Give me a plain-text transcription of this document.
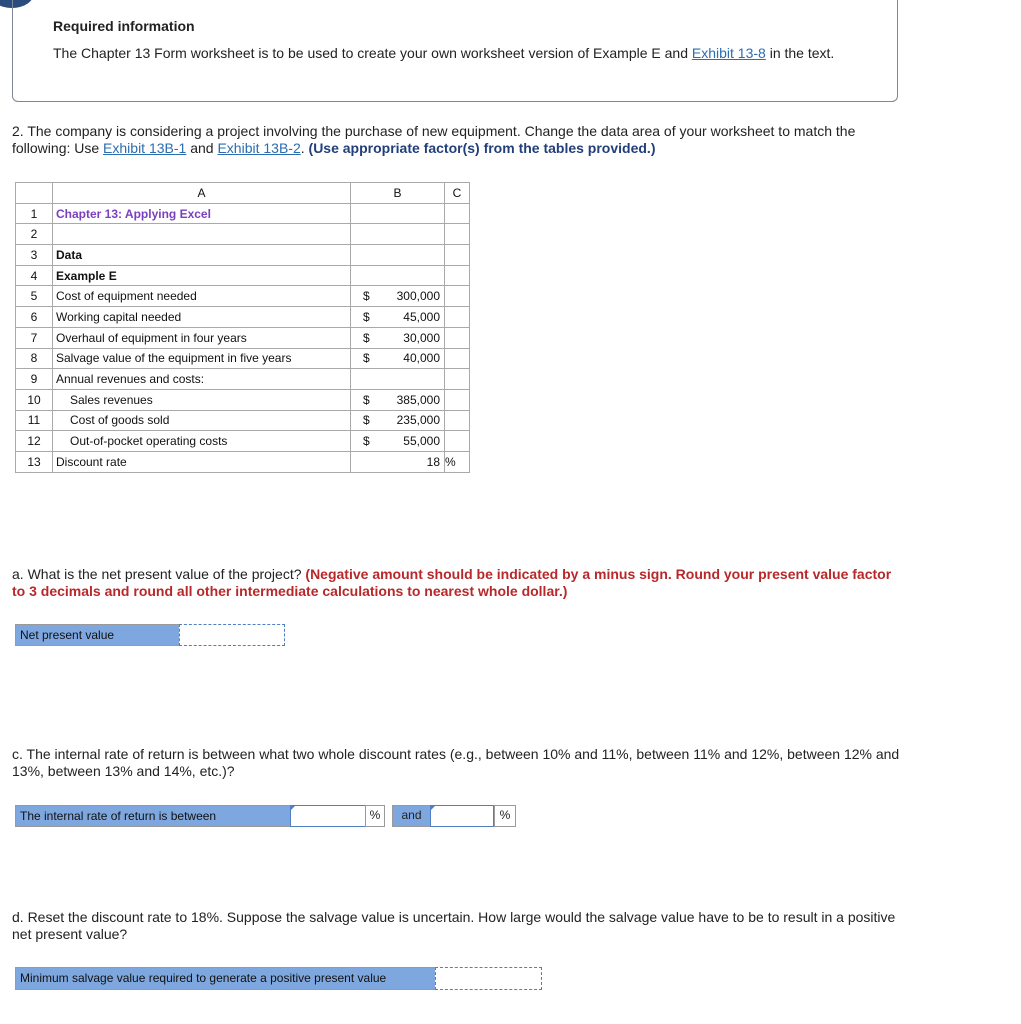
Required information
The Chapter 13 Form worksheet is to be used to create your own worksheet version of Example E and Exhibit 13-8 in the text.
2. The company is considering a project involving the purchase of new equipment. Change the data area of your worksheet to match the following: Use Exhibit 13B-1 and Exhibit 13B-2. (Use appropriate factor(s) from the tables provided.)
	A	B	C
1	Chapter 13: Applying Excel	

2		

3	Data	

4	Example E	

5	Cost of equipment needed	$ 300,000	

6	Working capital needed	$ 45,000	

7	Overhaul of equipment in four years	$ 30,000	

8	Salvage value of the equipment in five years	$ 40,000	

9	Annual revenues and costs:	

10	Sales revenues	$ 385,000	

11	Cost of goods sold	$ 235,000	

12	Out-of-pocket operating costs	$ 55,000	

13	Discount rate	18	%
a. What is the net present value of the project? (Negative amount should be indicated by a minus sign. Round your present value factor to 3 decimals and round all other intermediate calculations to nearest whole dollar.)
Net present value
c. The internal rate of return is between what two whole discount rates (e.g., between 10% and 11%, between 11% and 12%, between 12% and 13%, between 13% and 14%, etc.)?
The internal rate of return is between	%	and	%
d. Reset the discount rate to 18%. Suppose the salvage value is uncertain. How large would the salvage value have to be to result in a positive net present value?
Minimum salvage value required to generate a positive present value
